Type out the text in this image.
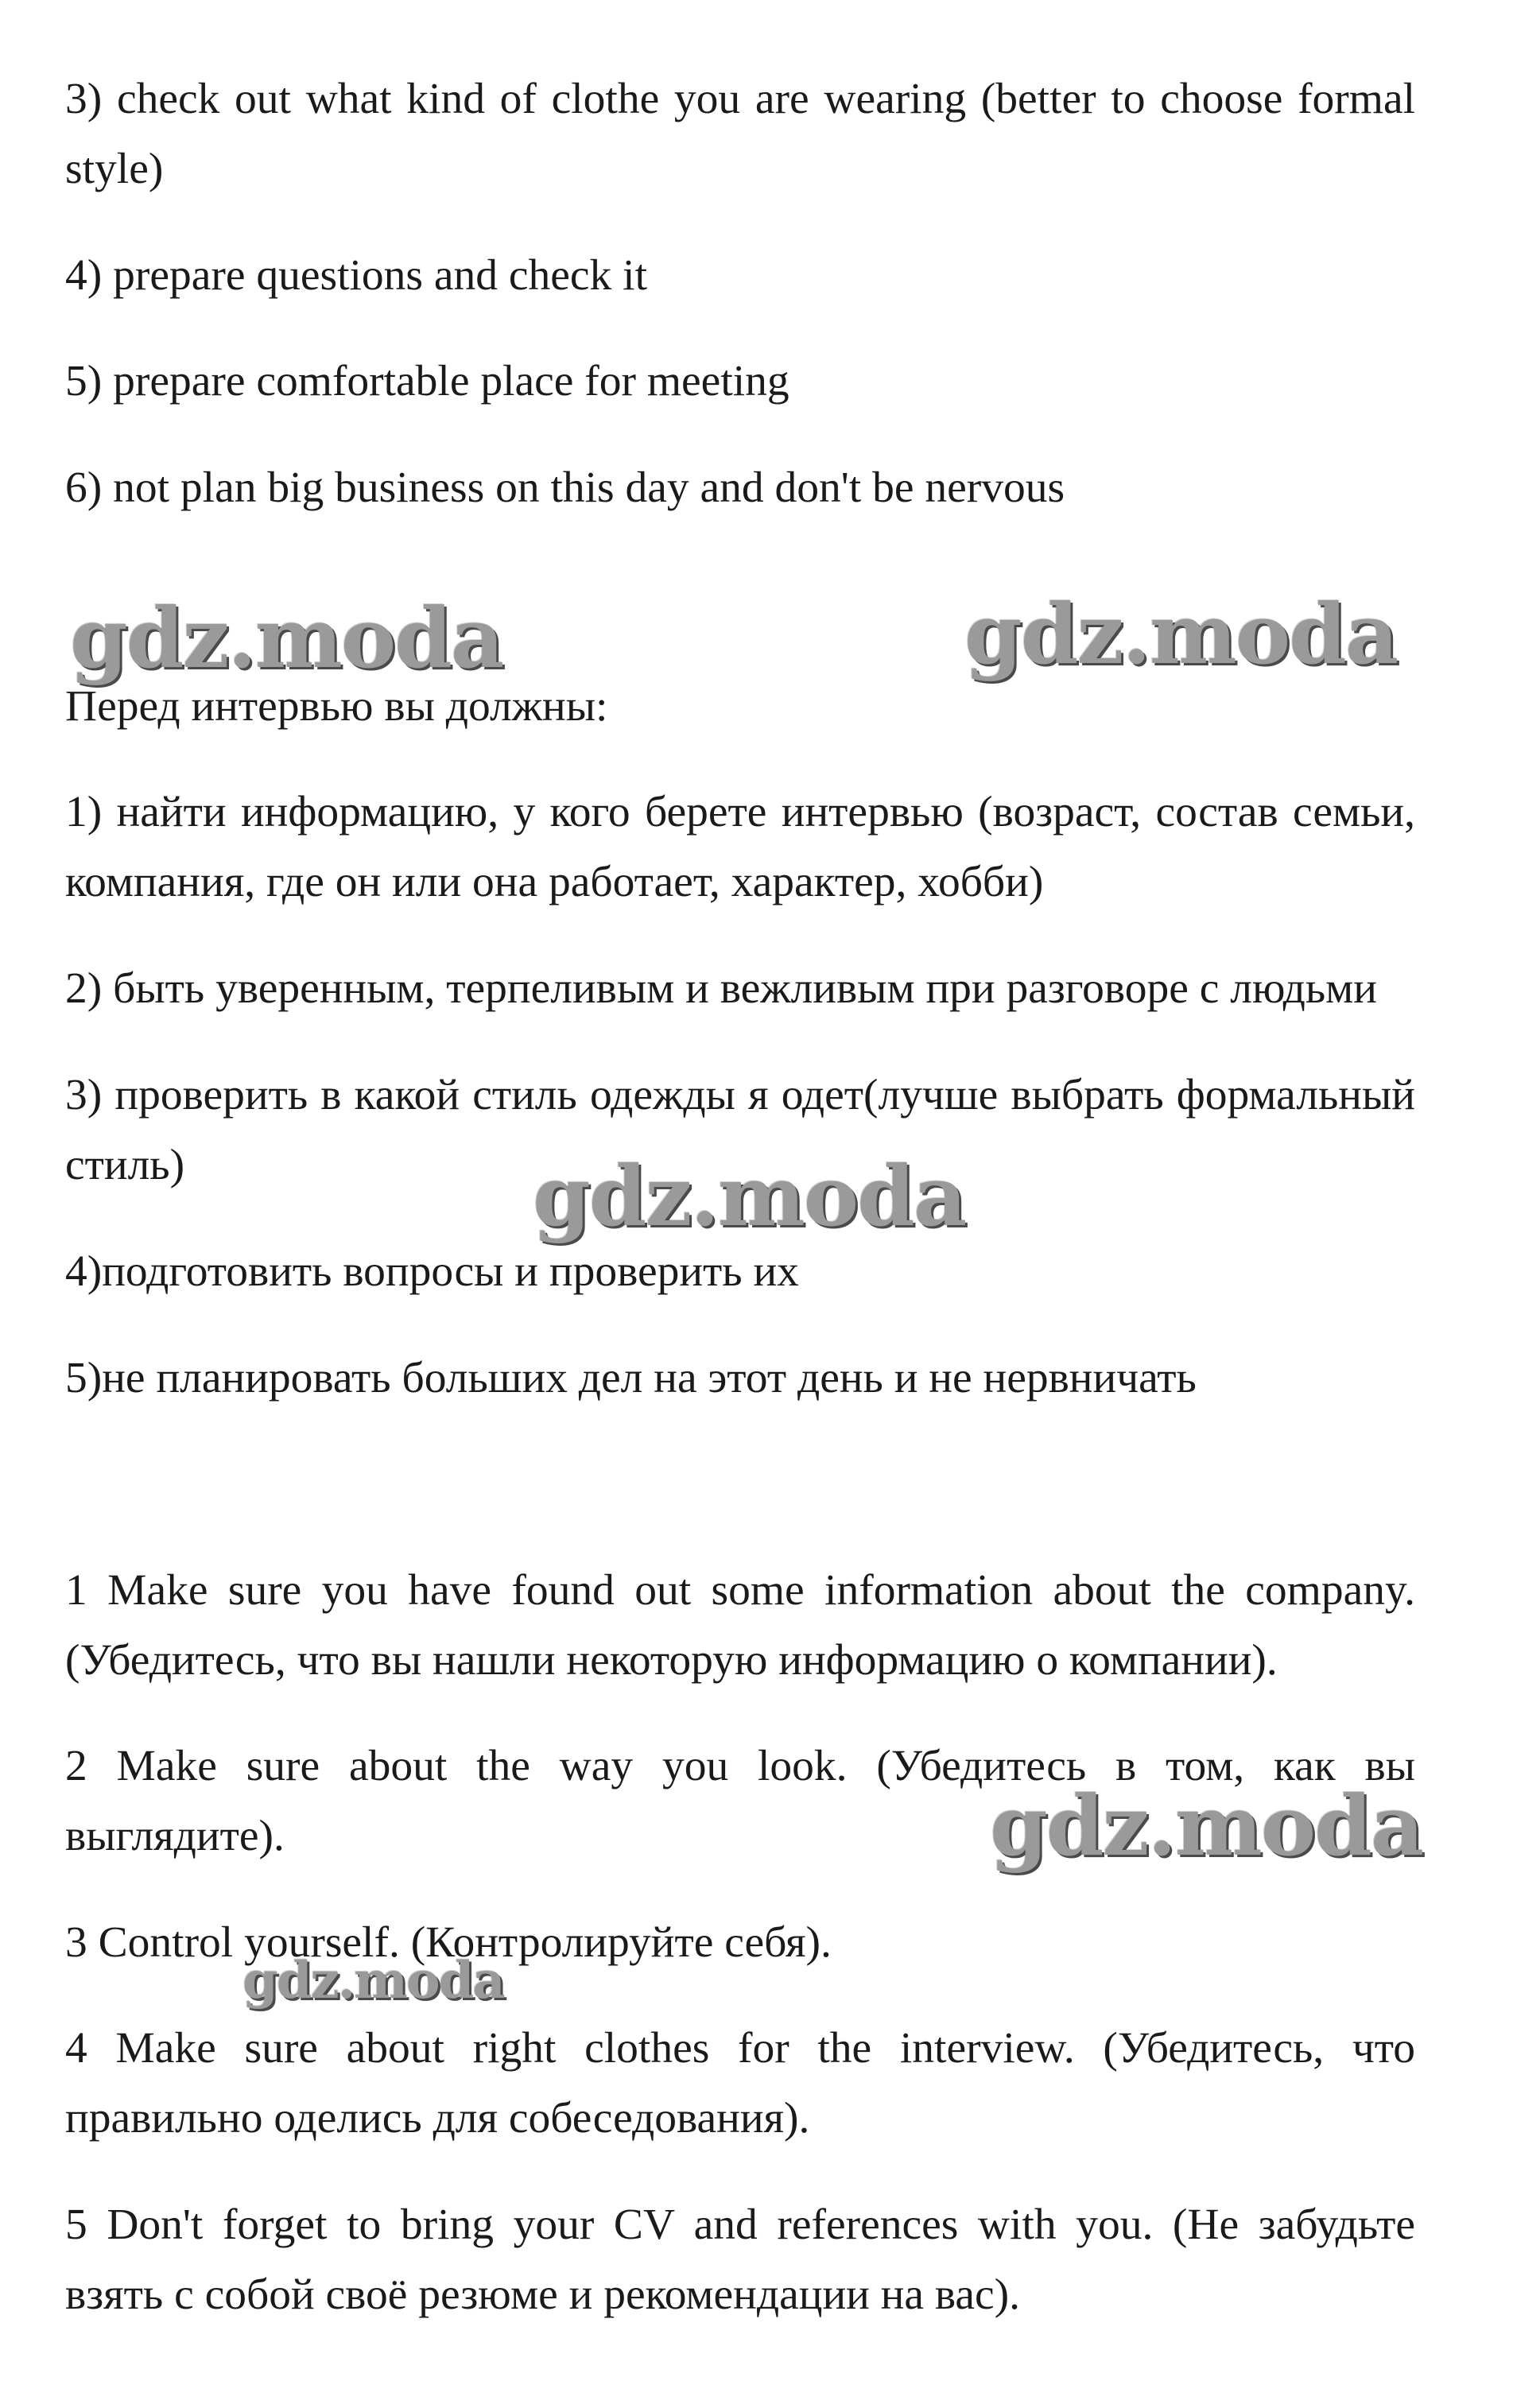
3) check out what kind of clothe you are wearing (better to choose formal style)

4) prepare questions and check it

5) prepare comfortable place for meeting

6) not plan big business on this day and don't be nervous

gdz.moda	gdz.moda

Перед интервью вы должны:

1) найти информацию, у кого берете интервью (возраст, состав семьи, компания, где он или она работает, характер, хобби)

2) быть уверенным, терпеливым и вежливым при разговоре с людьми

3) проверить в какой стиль одежды я одет(лучше выбрать формальный стиль)	gdz.moda

4)подготовить вопросы и проверить их

5)не планировать больших дел на этот день и не нервничать

1 Make sure you have found out some information about the company. (Убедитесь, что вы нашли некоторую информацию о компании).

2 Make sure about the way you look. (Убедитесь в том, как вы выглядите).	gdz.moda

3 Control yourself. (Контролируйте себя).

gdz.moda

4 Make sure about right clothes for the interview. (Убедитесь, что правильно оделись для собеседования).

5 Don't forget to bring your CV and references with you. (Не забудьте взять с собой своё резюме и рекомендации на вас).
